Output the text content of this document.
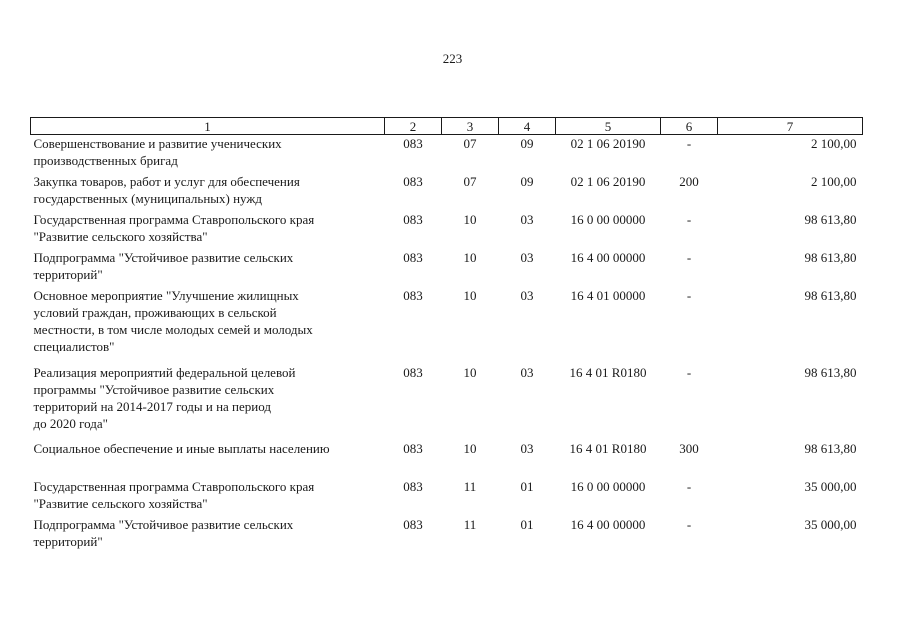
223
1	2	3	4	5	6	7
Совершенствование и развитие ученических
производственных бригад	083	07	09	02 1 06 20190	-	2 100,00
Закупка товаров, работ и услуг для обеспечения
государственных (муниципальных) нужд	083	07	09	02 1 06 20190	200	2 100,00
Государственная программа Ставропольского края
"Развитие сельского хозяйства"	083	10	03	16 0 00 00000	-	98 613,80
Подпрограмма "Устойчивое развитие сельских
территорий"	083	10	03	16 4 00 00000	-	98 613,80
Основное мероприятие "Улучшение жилищных
условий граждан, проживающих в сельской
местности, в том числе молодых семей и молодых
специалистов"	083	10	03	16 4 01 00000	-	98 613,80
Реализация мероприятий федеральной целевой
программы "Устойчивое развитие сельских
территорий на 2014-2017 годы и на период
до 2020 года"	083	10	03	16 4 01 R0180	-	98 613,80
Социальное обеспечение и иные выплаты населению	083	10	03	16 4 01 R0180	300	98 613,80
Государственная программа Ставропольского края
"Развитие сельского хозяйства"	083	11	01	16 0 00 00000	-	35 000,00
Подпрограмма "Устойчивое развитие сельских
территорий"	083	11	01	16 4 00 00000	-	35 000,00
